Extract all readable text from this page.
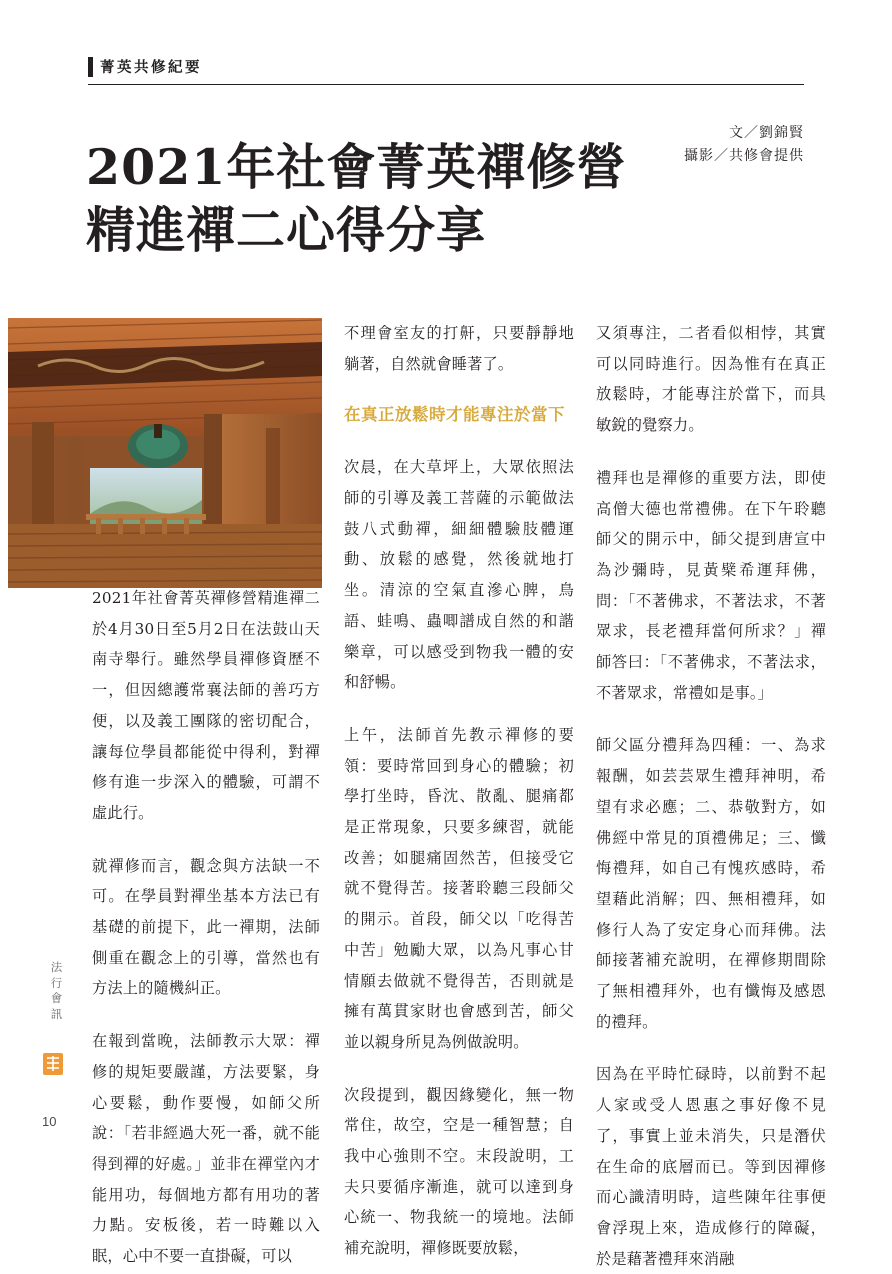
菁英共修紀要
文／劉錦賢
攝影／共修會提供
2021年社會菁英禪修營
精進禪二心得分享

2021年社會菁英禪修營精進禪二於4月30日至5月2日在法鼓山天南寺舉行。雖然學員禪修資歷不一，但因總護常襄法師的善巧方便，以及義工團隊的密切配合，讓每位學員都能從中得利，對禪修有進一步深入的體驗，可謂不虛此行。

就禪修而言，觀念與方法缺一不可。在學員對禪坐基本方法已有基礎的前提下，此一禪期，法師側重在觀念上的引導，當然也有方法上的隨機糾正。

在報到當晚，法師教示大眾：禪修的規矩要嚴謹，方法要緊，身心要鬆，動作要慢，如師父所說：「若非經過大死一番，就不能得到禪的好處。」並非在禪堂內才能用功，每個地方都有用功的著力點。安板後，若一時難以入眠，心中不要一直掛礙，可以

不理會室友的打鼾，只要靜靜地躺著，自然就會睡著了。

在真正放鬆時才能專注於當下

次晨，在大草坪上，大眾依照法師的引導及義工菩薩的示範做法鼓八式動禪，細細體驗肢體運動、放鬆的感覺，然後就地打坐。清涼的空氣直滲心脾，鳥語、蛙鳴、蟲唧譜成自然的和諧樂章，可以感受到物我一體的安和舒暢。

上午，法師首先教示禪修的要領：要時常回到身心的體驗；初學打坐時，昏沈、散亂、腿痛都是正常現象，只要多練習，就能改善；如腿痛固然苦，但接受它就不覺得苦。接著聆聽三段師父的開示。首段，師父以「吃得苦中苦」勉勵大眾，以為凡事心甘情願去做就不覺得苦，否則就是擁有萬貫家財也會感到苦，師父並以親身所見為例做說明。

次段提到，觀因緣變化，無一物常住，故空，空是一種智慧；自我中心強則不空。末段說明，工夫只要循序漸進，就可以達到身心統一、物我統一的境地。法師補充說明，禪修既要放鬆，

又須專注，二者看似相悖，其實可以同時進行。因為惟有在真正放鬆時，才能專注於當下，而具敏銳的覺察力。

禮拜也是禪修的重要方法，即使高僧大德也常禮佛。在下午聆聽師父的開示中，師父提到唐宣中為沙彌時，見黃檗希運拜佛，問：「不著佛求，不著法求，不著眾求，長老禮拜當何所求？」禪師答曰：「不著佛求，不著法求，不著眾求，常禮如是事。」

師父區分禮拜為四種：一、為求報酬，如芸芸眾生禮拜神明，希望有求必應；二、恭敬對方，如佛經中常見的頂禮佛足；三、懺悔禮拜，如自己有愧疚感時，希望藉此消解；四、無相禮拜，如修行人為了安定身心而拜佛。法師接著補充說明，在禪修期間除了無相禮拜外，也有懺悔及感恩的禮拜。

因為在平時忙碌時，以前對不起人家或受人恩惠之事好像不見了，事實上並未消失，只是潛伏在生命的底層而已。等到因禪修而心識清明時，這些陳年往事便會浮現上來，造成修行的障礙，於是藉著禮拜來消融

法行會訊
10
